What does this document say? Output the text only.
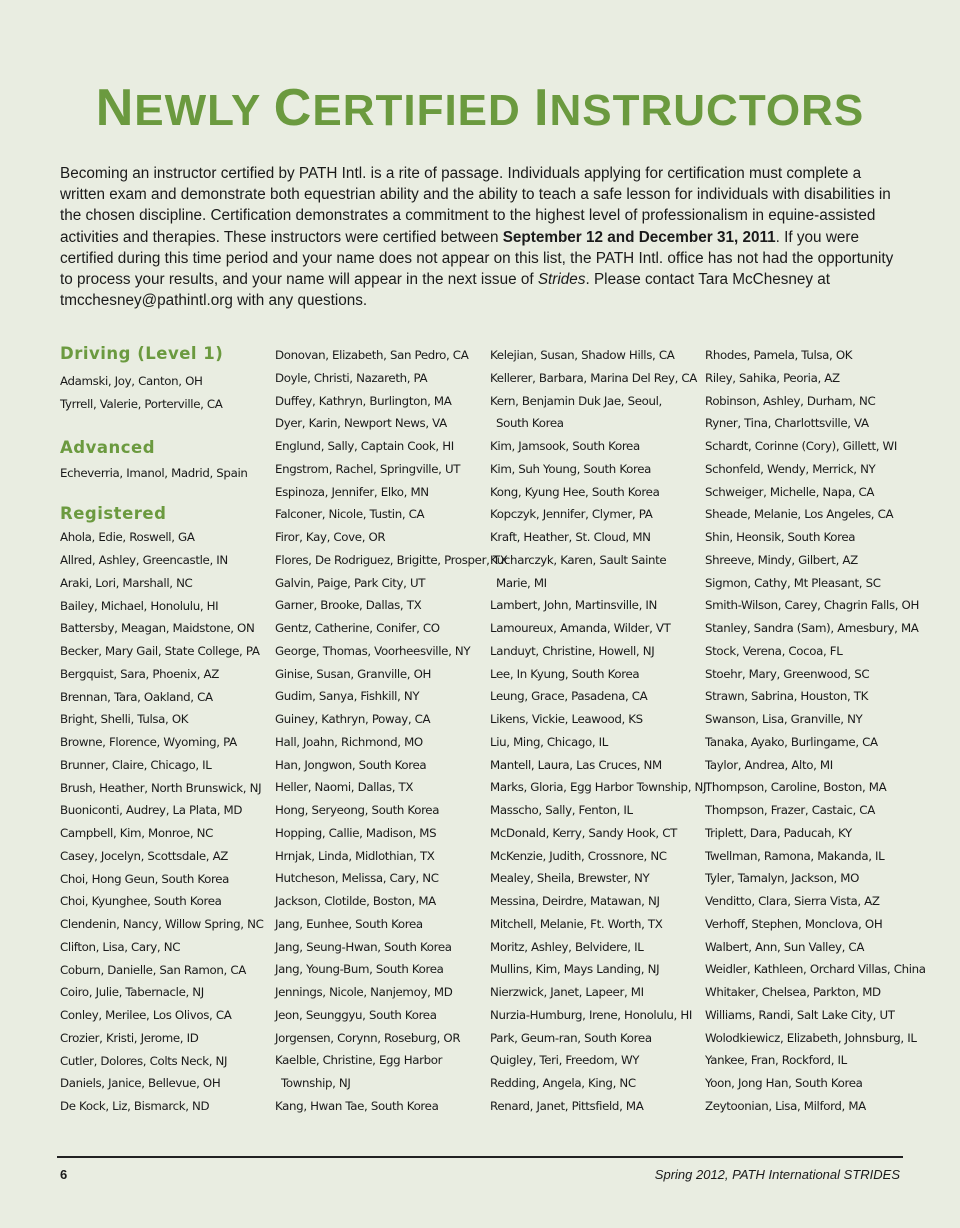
NEWLY CERTIFIED INSTRUCTORS

Becoming an instructor certified by PATH Intl. is a rite of passage. Individuals applying for certification must complete a written exam and demonstrate both equestrian ability and the ability to teach a safe lesson for individuals with disabilities in the chosen discipline. Certification demonstrates a commitment to the highest level of professionalism in equine-assisted activities and therapies. These instructors were certified between September 12 and December 31, 2011. If you were certified during this time period and your name does not appear on this list, the PATH Intl. office has not had the opportunity to process your results, and your name will appear in the next issue of Strides. Please contact Tara McChesney at tmcchesney@pathintl.org with any questions.

Driving (Level 1)
Adamski, Joy, Canton, OH
Tyrrell, Valerie, Porterville, CA
Advanced
Echeverria, Imanol, Madrid, Spain
Registered
Ahola, Edie, Roswell, GA
Allred, Ashley, Greencastle, IN
Araki, Lori, Marshall, NC
Bailey, Michael, Honolulu, HI
Battersby, Meagan, Maidstone, ON
Becker, Mary Gail, State College, PA
Bergquist, Sara, Phoenix, AZ
Brennan, Tara, Oakland, CA
Bright, Shelli, Tulsa, OK
Browne, Florence, Wyoming, PA
Brunner, Claire, Chicago, IL
Brush, Heather, North Brunswick, NJ
Buoniconti, Audrey, La Plata, MD
Campbell, Kim, Monroe, NC
Casey, Jocelyn, Scottsdale, AZ
Choi, Hong Geun, South Korea
Choi, Kyunghee, South Korea
Clendenin, Nancy, Willow Spring, NC
Clifton, Lisa, Cary, NC
Coburn, Danielle, San Ramon, CA
Coiro, Julie, Tabernacle, NJ
Conley, Merilee, Los Olivos, CA
Crozier, Kristi, Jerome, ID
Cutler, Dolores, Colts Neck, NJ
Daniels, Janice, Bellevue, OH
De Kock, Liz, Bismarck, ND
Donovan, Elizabeth, San Pedro, CA
Doyle, Christi, Nazareth, PA
Duffey, Kathryn, Burlington, MA
Dyer, Karin, Newport News, VA
Englund, Sally, Captain Cook, HI
Engstrom, Rachel, Springville, UT
Espinoza, Jennifer, Elko, MN
Falconer, Nicole, Tustin, CA
Firor, Kay, Cove, OR
Flores, De Rodriguez, Brigitte, Prosper, TX
Galvin, Paige, Park City, UT
Garner, Brooke, Dallas, TX
Gentz, Catherine, Conifer, CO
George, Thomas, Voorheesville, NY
Ginise, Susan, Granville, OH
Gudim, Sanya, Fishkill, NY
Guiney, Kathryn, Poway, CA
Hall, Joahn, Richmond, MO
Han, Jongwon, South Korea
Heller, Naomi, Dallas, TX
Hong, Seryeong, South Korea
Hopping, Callie, Madison, MS
Hrnjak, Linda, Midlothian, TX
Hutcheson, Melissa, Cary, NC
Jackson, Clotilde, Boston, MA
Jang, Eunhee, South Korea
Jang, Seung-Hwan, South Korea
Jang, Young-Bum, South Korea
Jennings, Nicole, Nanjemoy, MD
Jeon, Seunggyu, South Korea
Jorgensen, Corynn, Roseburg, OR
Kaelble, Christine, Egg Harbor
Township, NJ
Kang, Hwan Tae, South Korea
Kelejian, Susan, Shadow Hills, CA
Kellerer, Barbara, Marina Del Rey, CA
Kern, Benjamin Duk Jae, Seoul,
South Korea
Kim, Jamsook, South Korea
Kim, Suh Young, South Korea
Kong, Kyung Hee, South Korea
Kopczyk, Jennifer, Clymer, PA
Kraft, Heather, St. Cloud, MN
Kucharczyk, Karen, Sault Sainte
Marie, MI
Lambert, John, Martinsville, IN
Lamoureux, Amanda, Wilder, VT
Landuyt, Christine, Howell, NJ
Lee, In Kyung, South Korea
Leung, Grace, Pasadena, CA
Likens, Vickie, Leawood, KS
Liu, Ming, Chicago, IL
Mantell, Laura, Las Cruces, NM
Marks, Gloria, Egg Harbor Township, NJ
Masscho, Sally, Fenton, IL
McDonald, Kerry, Sandy Hook, CT
McKenzie, Judith, Crossnore, NC
Mealey, Sheila, Brewster, NY
Messina, Deirdre, Matawan, NJ
Mitchell, Melanie, Ft. Worth, TX
Moritz, Ashley, Belvidere, IL
Mullins, Kim, Mays Landing, NJ
Nierzwick, Janet, Lapeer, MI
Nurzia-Humburg, Irene, Honolulu, HI
Park, Geum-ran, South Korea
Quigley, Teri, Freedom, WY
Redding, Angela, King, NC
Renard, Janet, Pittsfield, MA
Rhodes, Pamela, Tulsa, OK
Riley, Sahika, Peoria, AZ
Robinson, Ashley, Durham, NC
Ryner, Tina, Charlottsville, VA
Schardt, Corinne (Cory), Gillett, WI
Schonfeld, Wendy, Merrick, NY
Schweiger, Michelle, Napa, CA
Sheade, Melanie, Los Angeles, CA
Shin, Heonsik, South Korea
Shreeve, Mindy, Gilbert, AZ
Sigmon, Cathy, Mt Pleasant, SC
Smith-Wilson, Carey, Chagrin Falls, OH
Stanley, Sandra (Sam), Amesbury, MA
Stock, Verena, Cocoa, FL
Stoehr, Mary, Greenwood, SC
Strawn, Sabrina, Houston, TK
Swanson, Lisa, Granville, NY
Tanaka, Ayako, Burlingame, CA
Taylor, Andrea, Alto, MI
Thompson, Caroline, Boston, MA
Thompson, Frazer, Castaic, CA
Triplett, Dara, Paducah, KY
Twellman, Ramona, Makanda, IL
Tyler, Tamalyn, Jackson, MO
Venditto, Clara, Sierra Vista, AZ
Verhoff, Stephen, Monclova, OH
Walbert, Ann, Sun Valley, CA
Weidler, Kathleen, Orchard Villas, China
Whitaker, Chelsea, Parkton, MD
Williams, Randi, Salt Lake City, UT
Wolodkiewicz, Elizabeth, Johnsburg, IL
Yankee, Fran, Rockford, IL
Yoon, Jong Han, South Korea
Zeytoonian, Lisa, Milford, MA
6	Spring 2012, PATH International STRIDES
